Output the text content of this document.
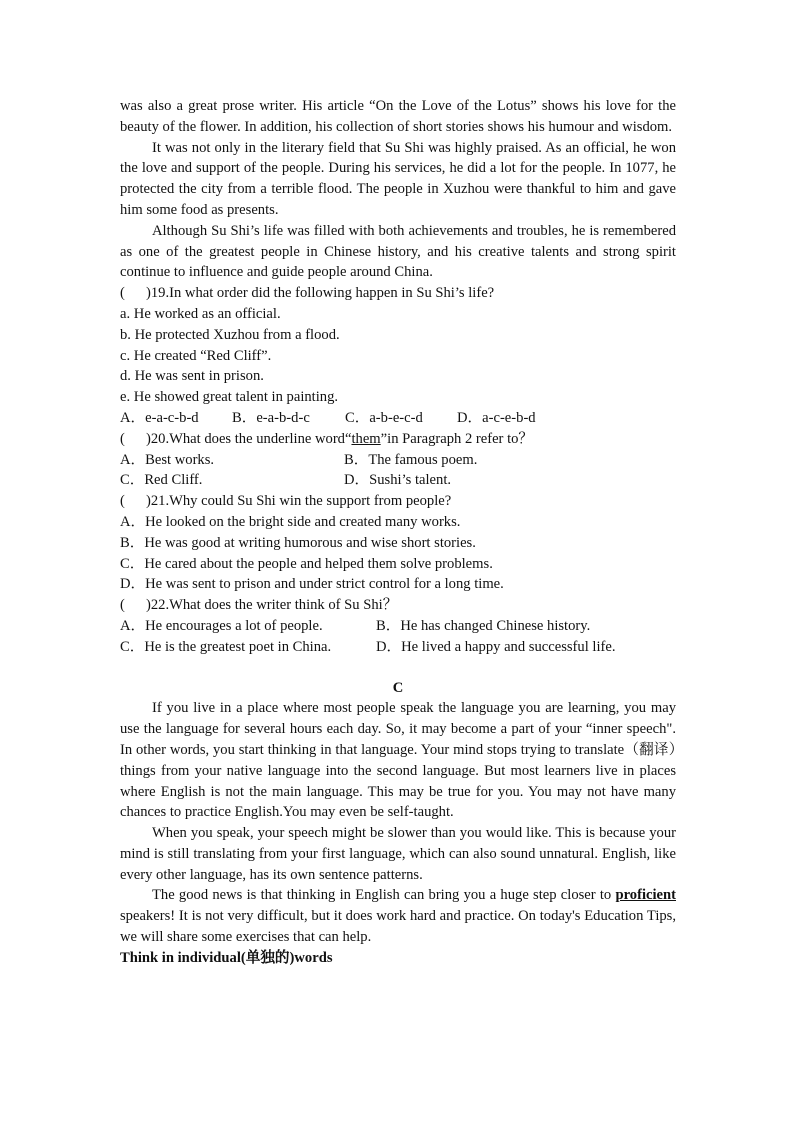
was also a great prose writer. His article “On the Love of the Lotus” shows his love for the beauty of the flower. In addition, his collection of short stories shows his humour and wisdom.

It was not only in the literary field that Su Shi was highly praised. As an official, he won the love and support of the people. During his services, he did a lot for the people. In 1077, he protected the city from a terrible flood. The people in Xuzhou were thankful to him and gave him some food as presents.

Although Su Shi’s life was filled with both achievements and troubles, he is remembered as one of the greatest people in Chinese history, and his creative talents and strong spirit continue to influence and guide people around China.

( )19.In what order did the following happen in Su Shi’s life?

a. He worked as an official.

b. He protected Xuzhou from a flood.

c. He created “Red Cliff”.

d. He was sent in prison.

e. He showed great talent in painting.

A．e-a-c-b-d	B．e-a-b-d-c	C．a-b-e-c-d	D．a-c-e-b-d

( )20.What does the underline word“them”in Paragraph 2 refer to？

A．Best works.	B．The famous poem.

C．Red Cliff.	D．Sushi’s talent.

( )21.Why could Su Shi win the support from people?

A．He looked on the bright side and created many works.

B．He was good at writing humorous and wise short stories.

C．He cared about the people and helped them solve problems.

D．He was sent to prison and under strict control for a long time.

( )22.What does the writer think of Su Shi？

A．He encourages a lot of people.	B．He has changed Chinese history.

C．He is the greatest poet in China.	D．He lived a happy and successful life.

C

If you live in a place where most people speak the language you are learning, you may use the language for several hours each day. So, it may become a part of your “inner speech". In other words, you start thinking in that language. Your mind stops trying to translate（翻译）things from your native language into the second language. But most learners live in places where English is not the main language. This may be true for you. You may not have many chances to practice English.You may even be self-taught.

When you speak, your speech might be slower than you would like. This is because your mind is still translating from your first language, which can also sound unnatural. English, like every other language, has its own sentence patterns.

The good news is that thinking in English can bring you a huge step closer to proficient speakers! It is not very difficult, but it does work hard and practice. On today's Education Tips, we will share some exercises that can help.

Think in individual(单独的)words
